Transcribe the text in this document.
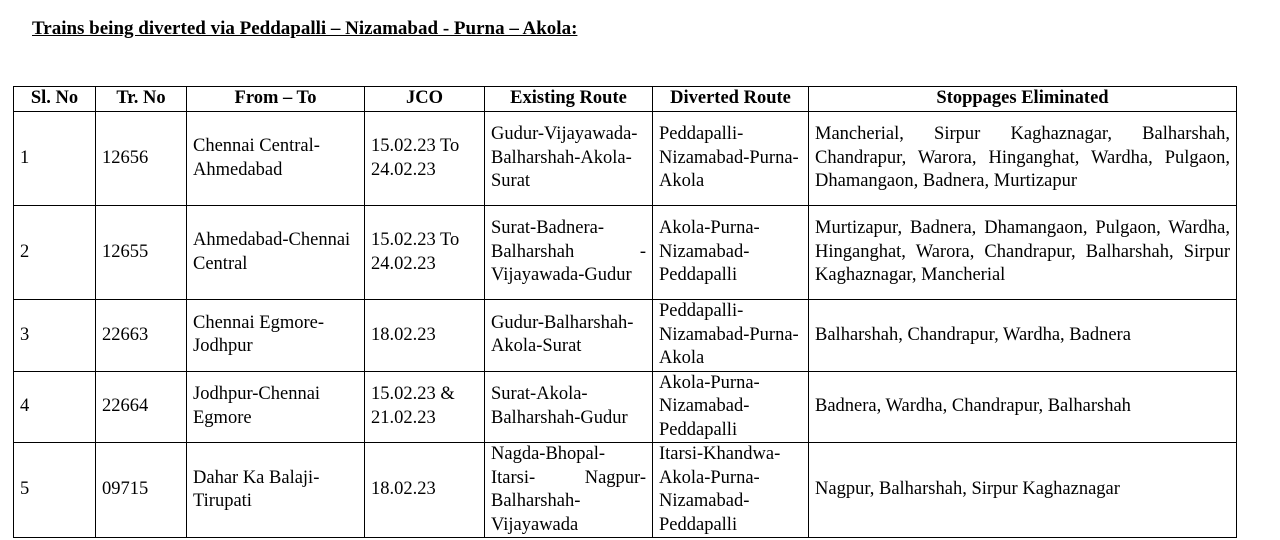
Trains being diverted via Peddapalli – Nizamabad - Purna – Akola:
Sl. No	Tr. No	From – To	JCO	Existing Route	Diverted Route	Stoppages Eliminated
1	12656	Chennai Central-Ahmedabad	15.02.23 To 24.02.23	Gudur-Vijayawada-Balharshah-Akola-Surat	Peddapalli-Nizamabad-Purna-Akola	Mancherial, Sirpur Kaghaznagar, Balharshah, Chandrapur, Warora, Hinganghat, Wardha, Pulgaon, Dhamangaon, Badnera, Murtizapur
2	12655	Ahmedabad-Chennai Central	15.02.23 To 24.02.23	Surat-Badnera-Balharshah - Vijayawada-Gudur	Akola-Purna-Nizamabad-Peddapalli	Murtizapur, Badnera, Dhamangaon, Pulgaon, Wardha, Hinganghat, Warora, Chandrapur, Balharshah, Sirpur Kaghaznagar, Mancherial
3	22663	Chennai Egmore-Jodhpur	18.02.23	Gudur-Balharshah-Akola-Surat	Peddapalli-Nizamabad-Purna-Akola	Balharshah, Chandrapur, Wardha, Badnera
4	22664	Jodhpur-Chennai Egmore	15.02.23 & 21.02.23	Surat-Akola-Balharshah-Gudur	Akola-Purna-Nizamabad-Peddapalli	Badnera, Wardha, Chandrapur, Balharshah
5	09715	Dahar Ka Balaji-Tirupati	18.02.23	Nagda-Bhopal-Itarsi- Nagpur-Balharshah-Vijayawada	Itarsi-Khandwa-Akola-Purna-Nizamabad-Peddapalli	Nagpur, Balharshah, Sirpur Kaghaznagar
